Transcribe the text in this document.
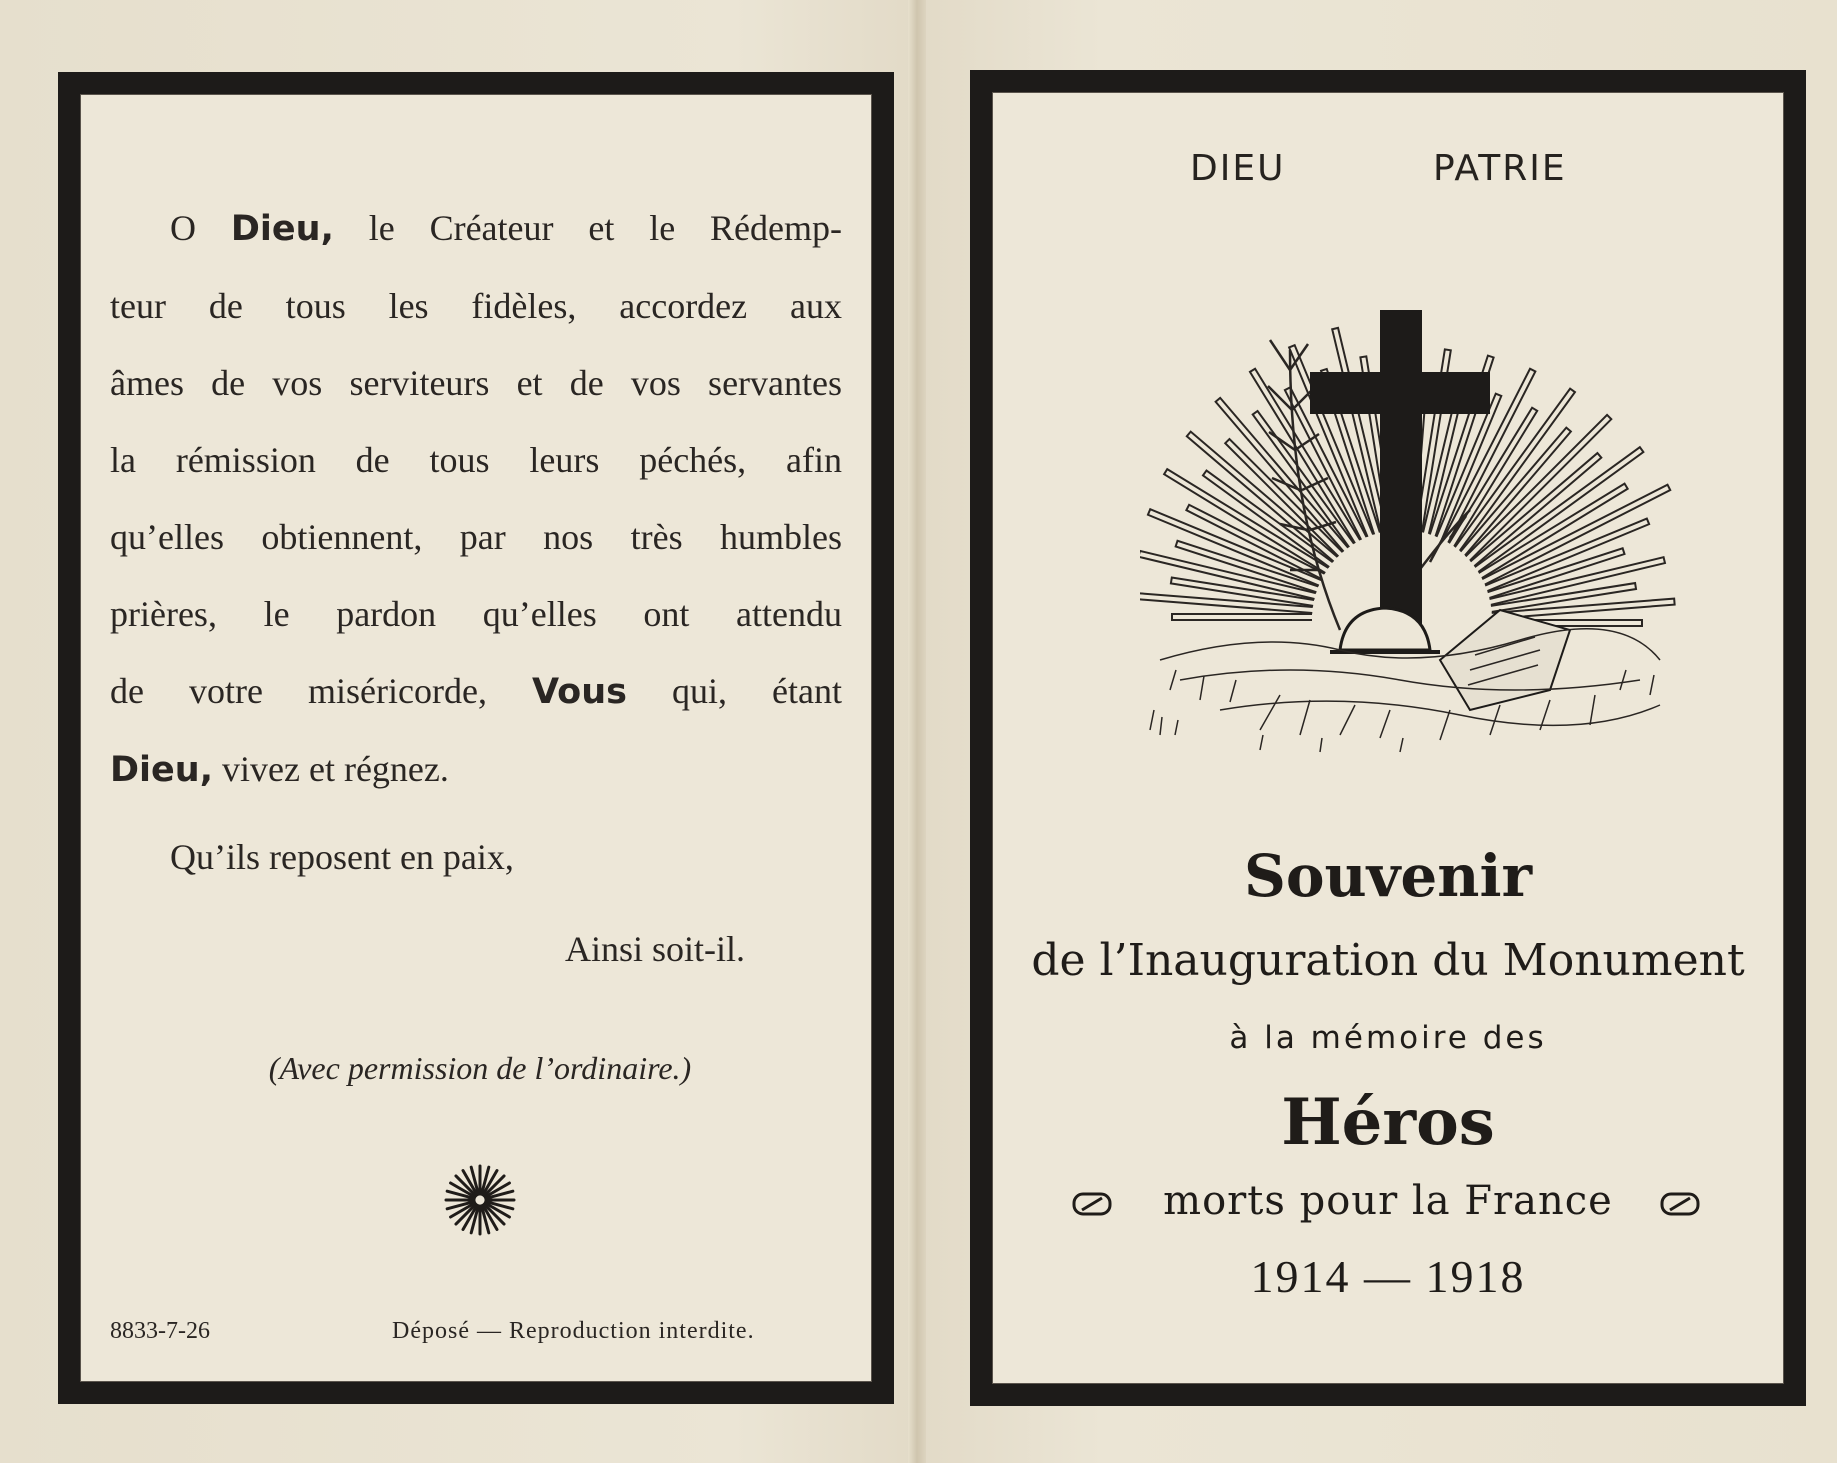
O Dieu, le Créateur et le Rédemp-
teur de tous les fidèles, accordez aux
âmes de vos serviteurs et de vos servantes
la rémission de tous leurs péchés, afin
qu’elles obtiennent, par nos très humbles
prières, le pardon qu’elles ont attendu
de votre miséricorde, Vous qui, étant
Dieu, vivez et régnez.
Qu’ils reposent en paix,
Ainsi soit-il.
(Avec permission de l’ordinaire.)
8833-7-26	Déposé — Reproduction interdite.
DIEU	PATRIE
Souvenir
de l’Inauguration du Monument
à la mémoire des
Héros
morts pour la France
1914 — 1918
